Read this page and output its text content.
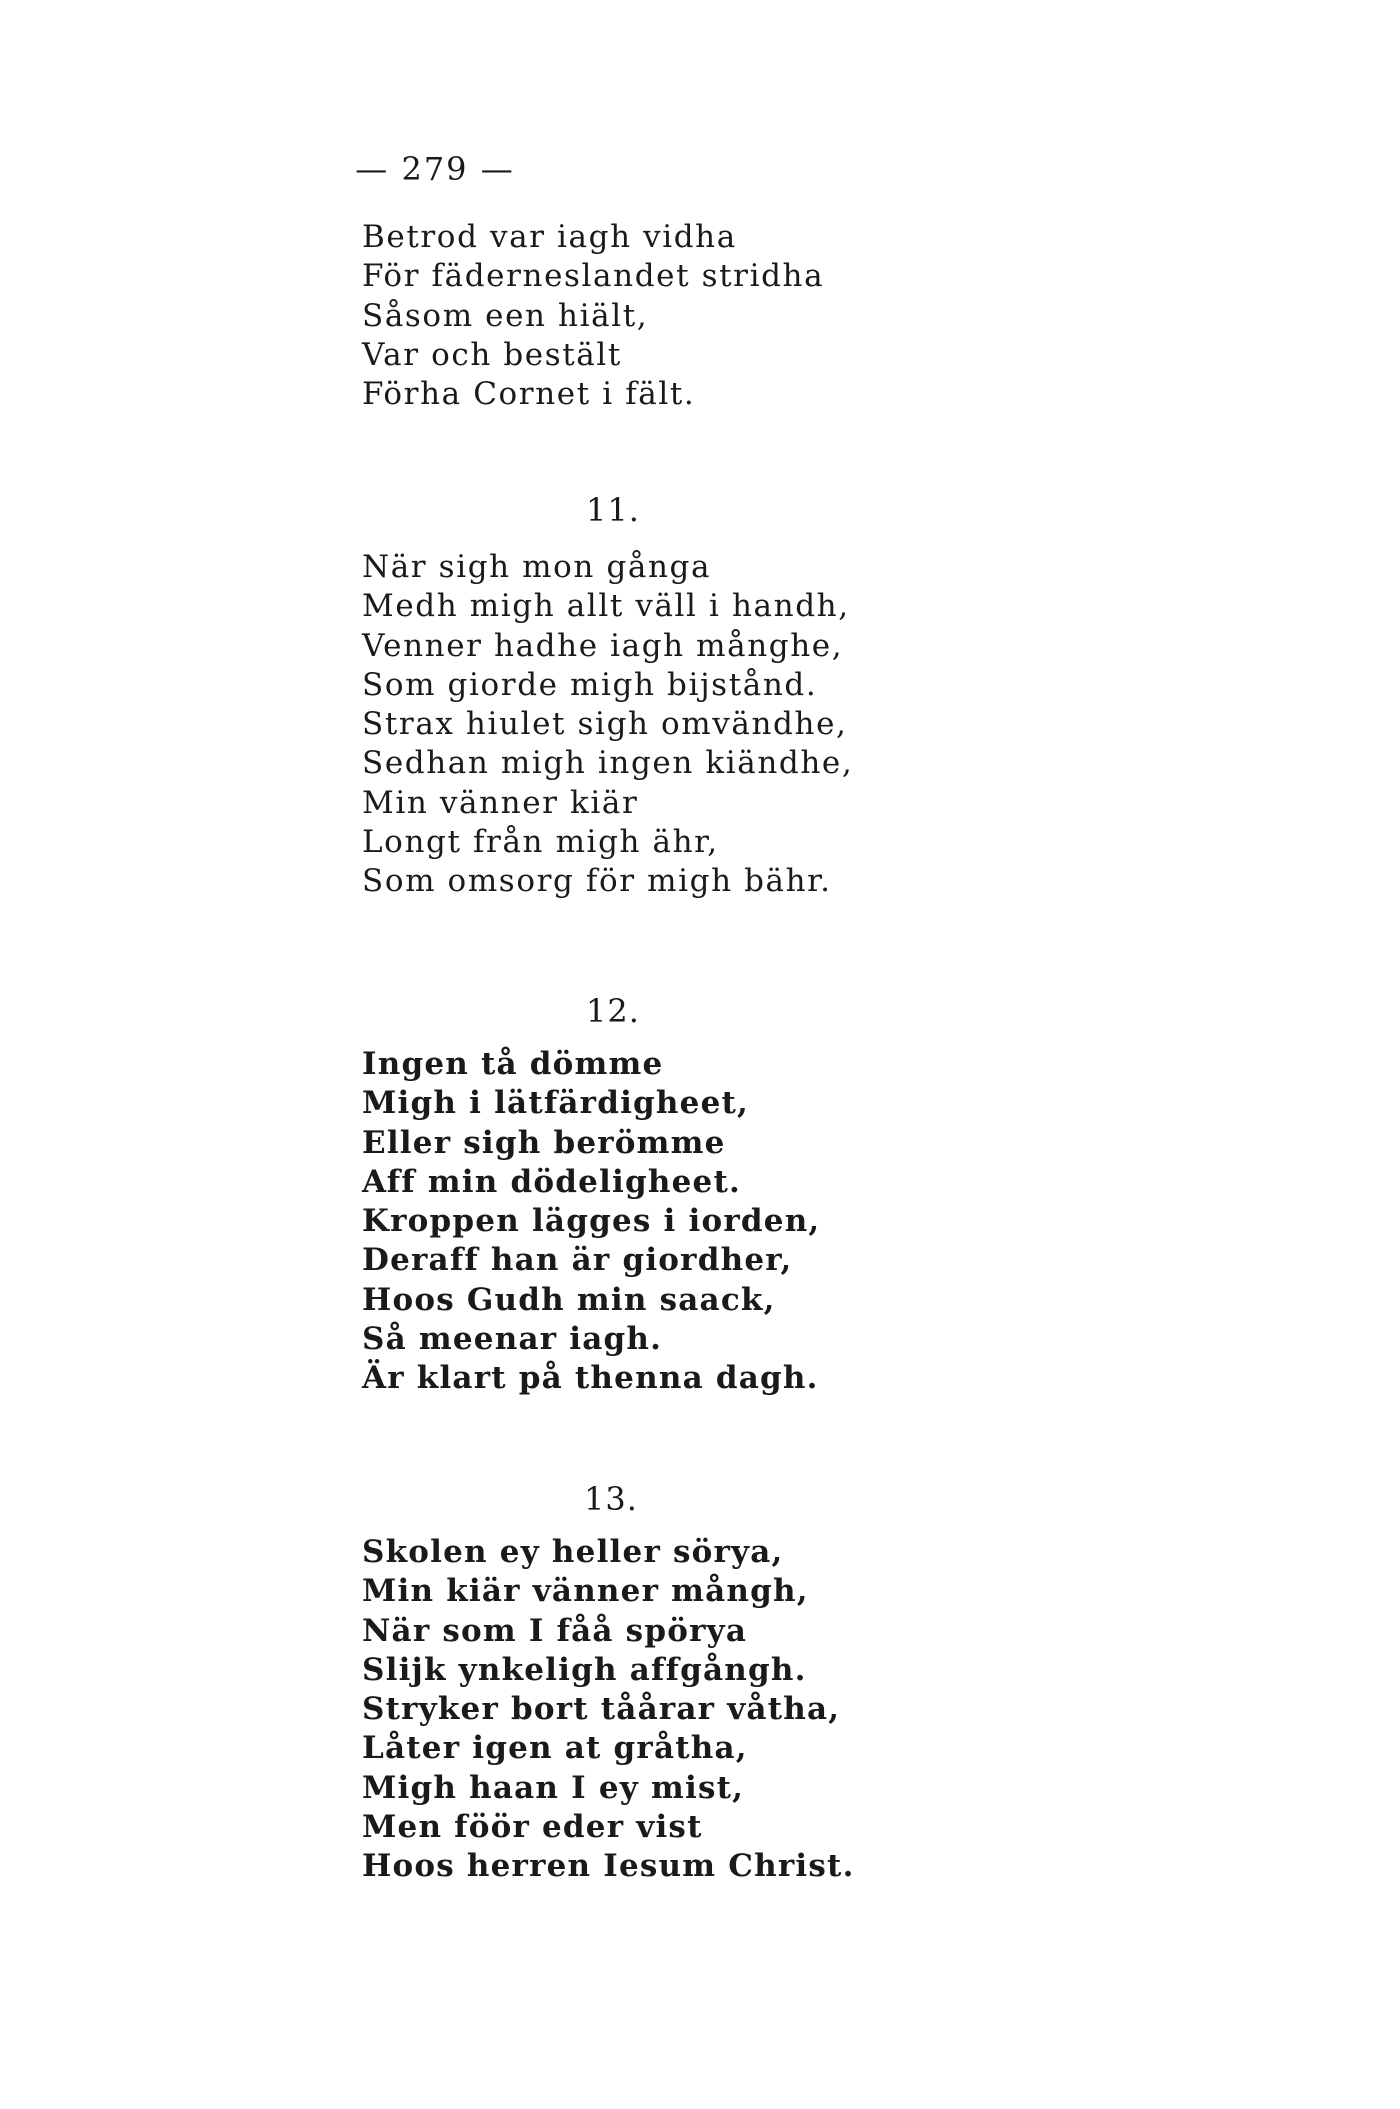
— 279 —
Betrod var iagh vidha
För fäderneslandet stridha
Såsom een hiält,
Var och bestält
Förha Cornet i fält.
11.
När sigh mon gånga
Medh migh allt väll i handh,
Venner hadhe iagh månghe,
Som giorde migh bijstånd.
Strax hiulet sigh omvändhe,
Sedhan migh ingen kiändhe,
Min vänner kiär
Longt från migh ähr,
Som omsorg för migh bähr.
12.
Ingen tå dömme
Migh i lätfärdigheet,
Eller sigh berömme
Aff min dödeligheet.
Kroppen lägges i iorden,
Deraff han är giordher,
Hoos Gudh min saack,
Så meenar iagh.
Är klart på thenna dagh.
13.
Skolen ey heller sörya,
Min kiär vänner mångh,
När som I fåå spörya
Slijk ynkeligh affgångh.
Stryker bort tåårar våtha,
Låter igen at gråtha,
Migh haan I ey mist,
Men föör eder vist
Hoos herren Iesum Christ.
